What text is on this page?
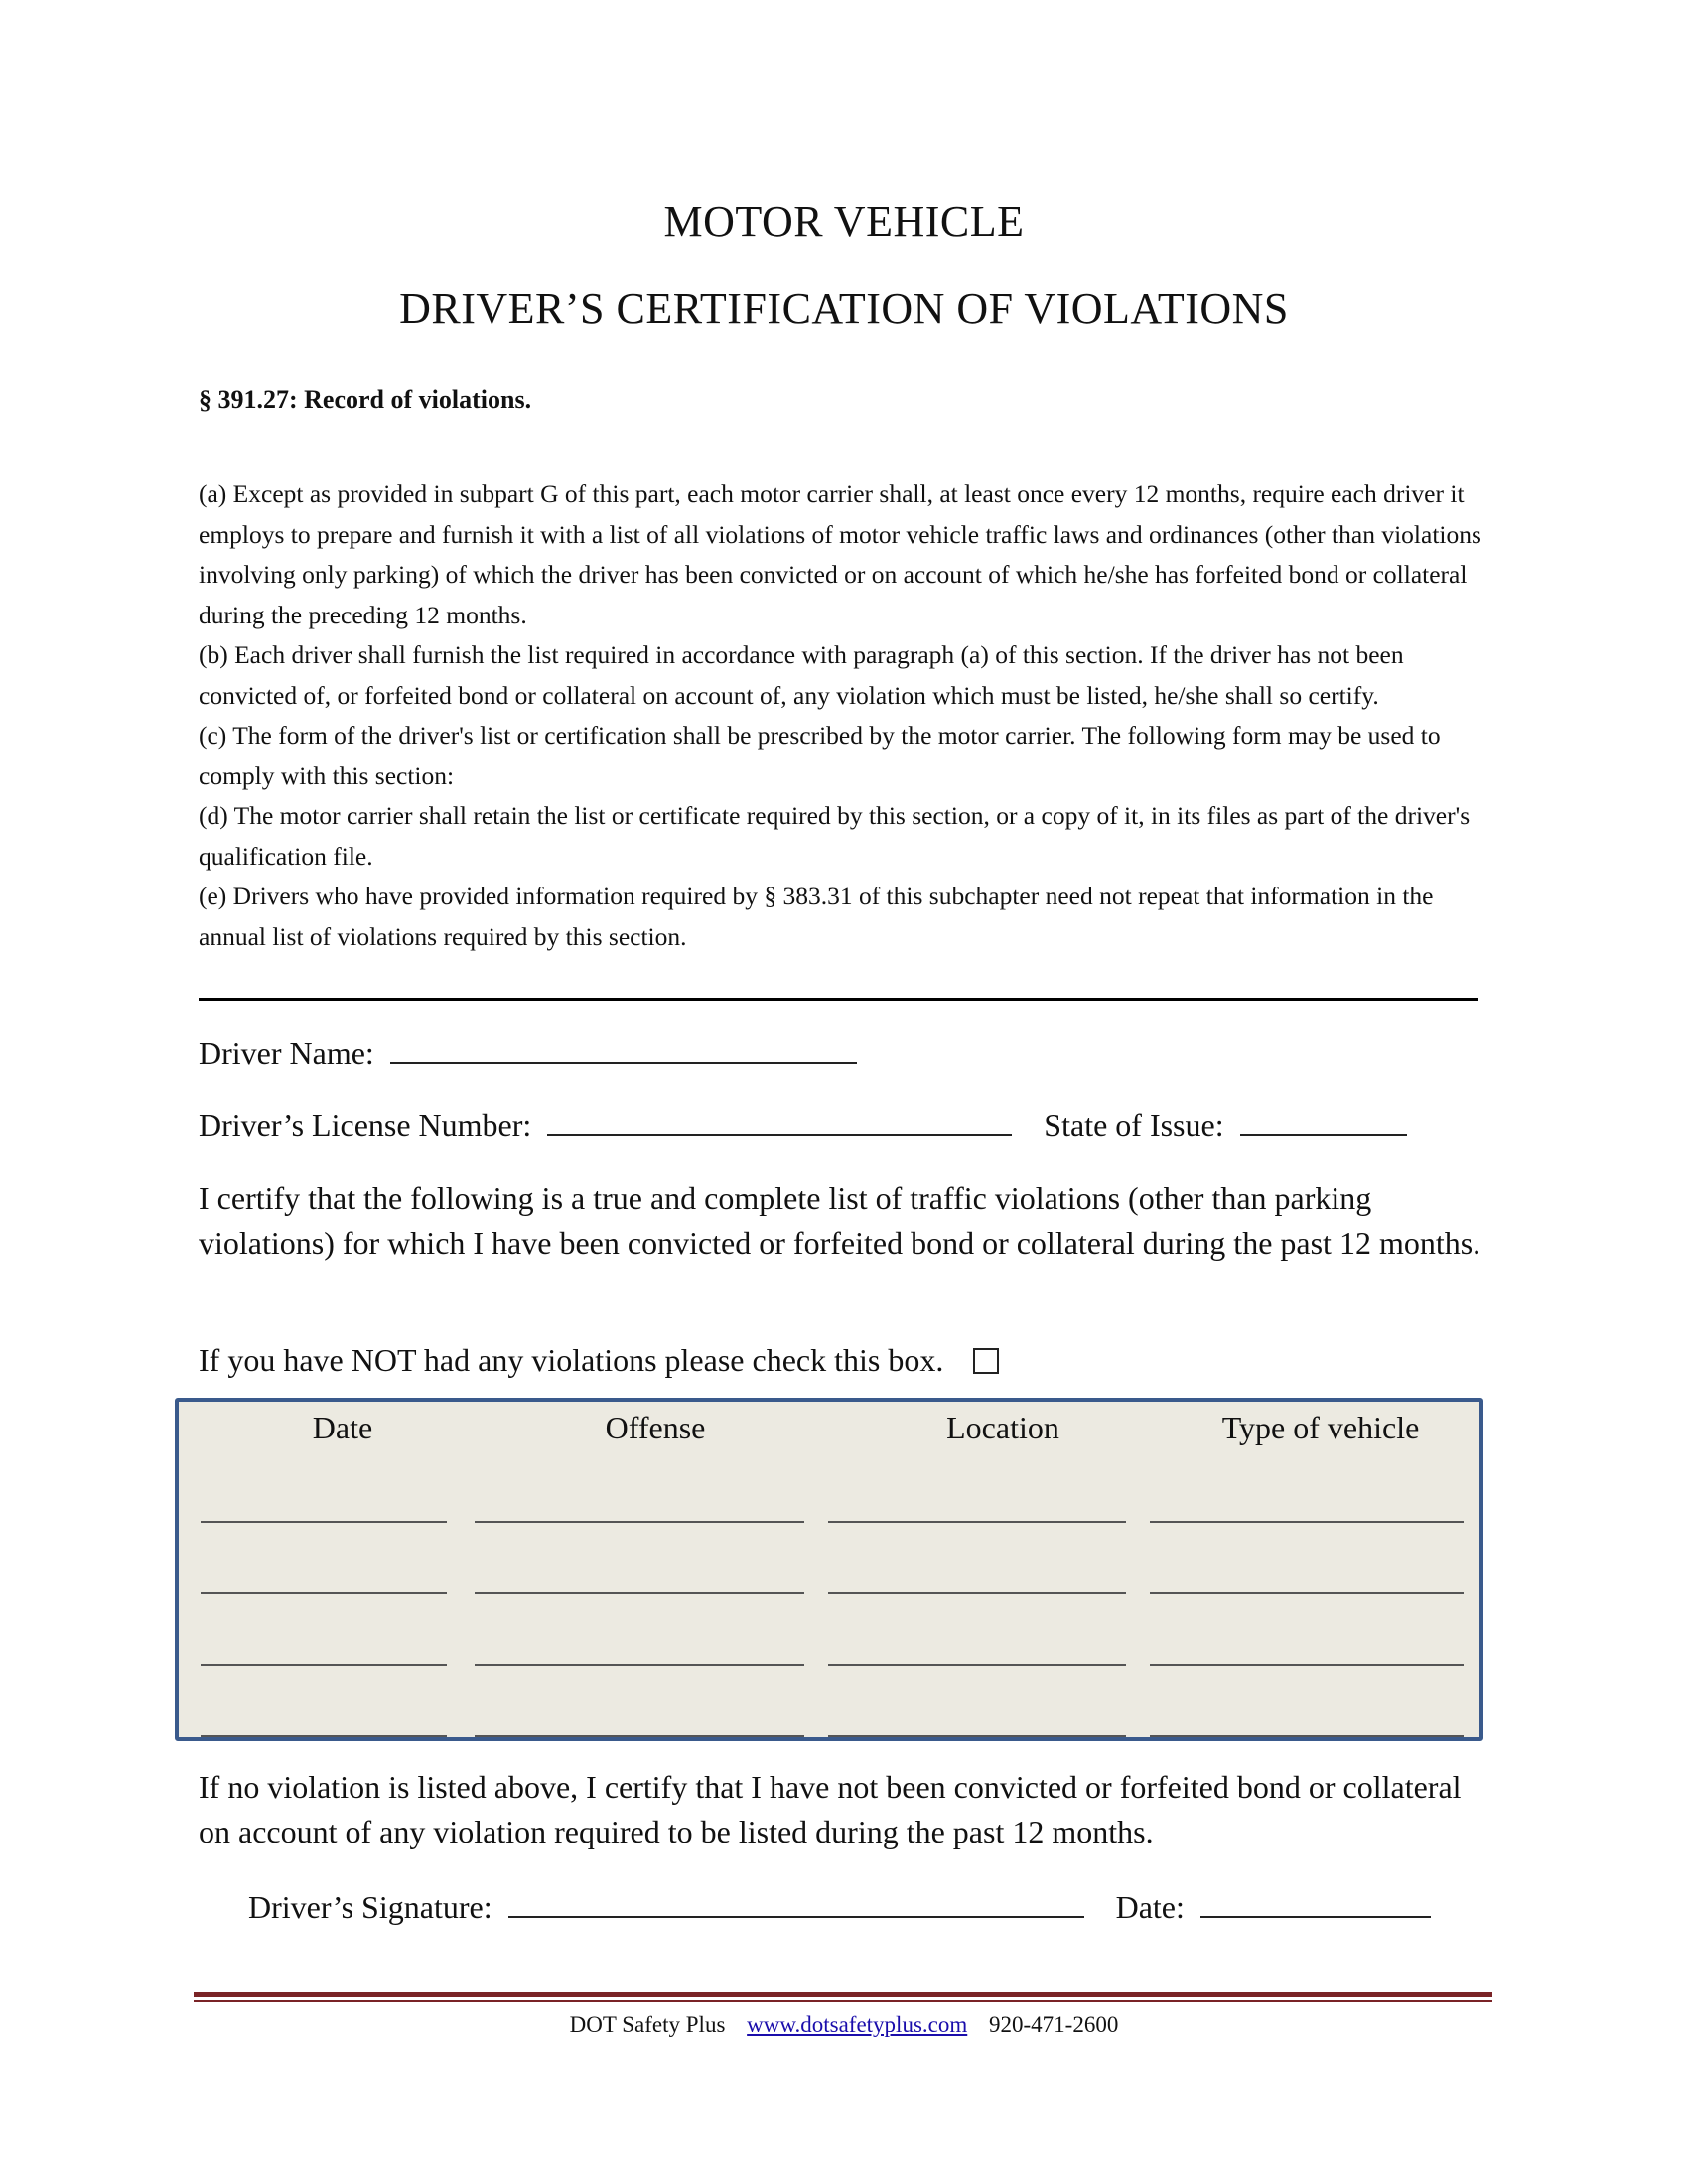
MOTOR VEHICLE
DRIVER’S CERTIFICATION OF VIOLATIONS
§ 391.27: Record of violations.

(a) Except as provided in subpart G of this part, each motor carrier shall, at least once every 12 months, require each driver it employs to prepare and furnish it with a list of all violations of motor vehicle traffic laws and ordinances (other than violations involving only parking) of which the driver has been convicted or on account of which he/she has forfeited bond or collateral during the preceding 12 months.

(b) Each driver shall furnish the list required in accordance with paragraph (a) of this section. If the driver has not been convicted of, or forfeited bond or collateral on account of, any violation which must be listed, he/she shall so certify.

(c) The form of the driver's list or certification shall be prescribed by the motor carrier. The following form may be used to comply with this section:

(d) The motor carrier shall retain the list or certificate required by this section, or a copy of it, in its files as part of the driver's qualification file.

(e) Drivers who have provided information required by § 383.31 of this subchapter need not repeat that information in the annual list of violations required by this section.

Driver Name:
Driver’s License Number:	State of Issue:
I certify that the following is a true and complete list of traffic violations (other than parking violations) for which I have been convicted or forfeited bond or collateral during the past 12 months.
If you have NOT had any violations please check this box.
Date	Offense	Location	Type of vehicle
If no violation is listed above, I certify that I have not been convicted or forfeited bond or collateral on account of any violation required to be listed during the past 12 months.
Driver’s Signature:	Date:
DOT Safety Plus www.dotsafetyplus.com 920-471-2600
